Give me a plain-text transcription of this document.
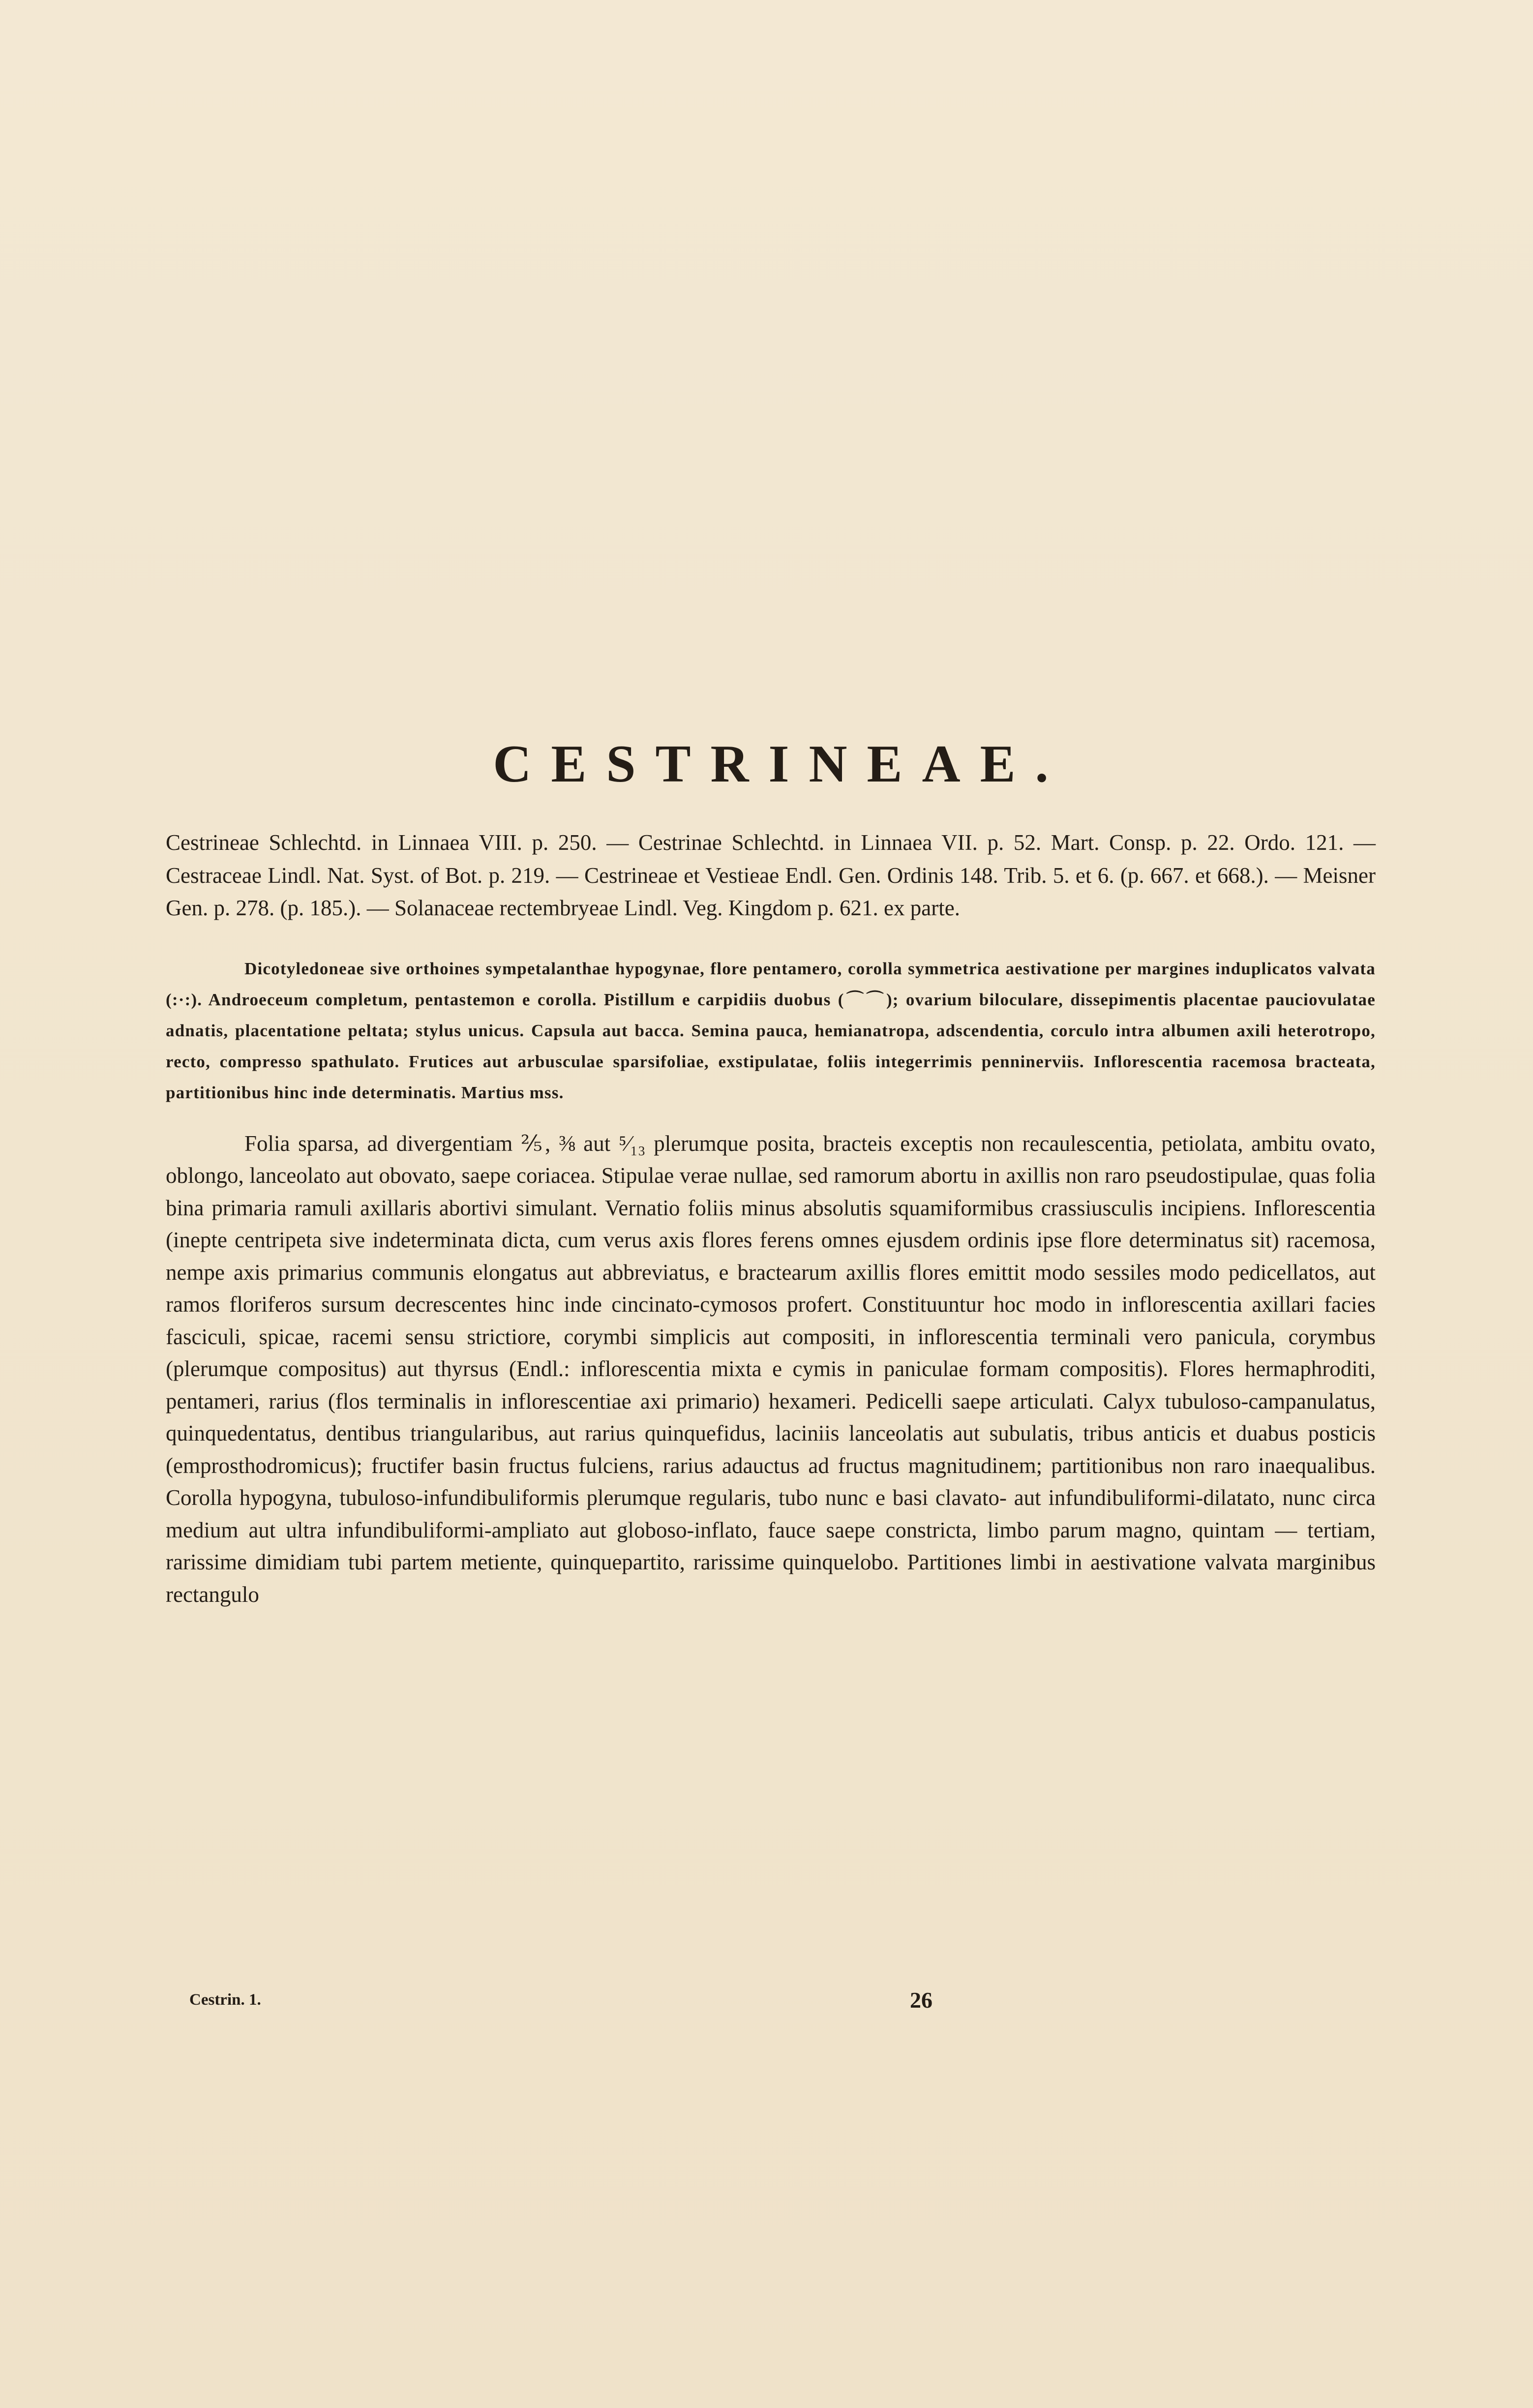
CESTRINEAE.

Cestrineae Schlechtd. in Linnaea VIII. p. 250. — Cestrinae Schlechtd. in Linnaea VII. p. 52. Mart. Consp. p. 22. Ordo. 121. — Cestraceae Lindl. Nat. Syst. of Bot. p. 219. — Cestrineae et Vestieae Endl. Gen. Ordinis 148. Trib. 5. et 6. (p. 667. et 668.). — Meisner Gen. p. 278. (p. 185.). — Solanaceae rectembryeae Lindl. Veg. Kingdom p. 621. ex parte.

Dicotyledoneae sive orthoines sympetalanthae hypogynae, flore pentamero, corolla symmetrica aestivatione per margines induplicatos valvata (:·:). Androeceum completum, pentastemon e corolla. Pistillum e carpidiis duobus (⌒⌒); ovarium biloculare, dissepimentis placentae pauciovulatae adnatis, placentatione peltata; stylus unicus. Capsula aut bacca. Semina pauca, hemianatropa, adscendentia, corculo intra albumen axili heterotropo, recto, compresso spathulato. Frutices aut arbusculae sparsifoliae, exstipulatae, foliis integerrimis penninerviis. Inflorescentia racemosa bracteata, partitionibus hinc inde determinatis. Martius mss.

Folia sparsa, ad divergentiam ⅖, ⅜ aut ⁵⁄₁₃ plerumque posita, bracteis exceptis non recaulescentia, petiolata, ambitu ovato, oblongo, lanceolato aut obovato, saepe coriacea. Stipulae verae nullae, sed ramorum abortu in axillis non raro pseudostipulae, quas folia bina primaria ramuli axillaris abortivi simulant. Vernatio foliis minus absolutis squamiformibus crassiusculis incipiens. Inflorescentia (inepte centripeta sive indeterminata dicta, cum verus axis flores ferens omnes ejusdem ordinis ipse flore determinatus sit) racemosa, nempe axis primarius communis elongatus aut abbreviatus, e bractearum axillis flores emittit modo sessiles modo pedicellatos, aut ramos floriferos sursum decrescentes hinc inde cincinato-cymosos profert. Constituuntur hoc modo in inflorescentia axillari facies fasciculi, spicae, racemi sensu strictiore, corymbi simplicis aut compositi, in inflorescentia terminali vero panicula, corymbus (plerumque compositus) aut thyrsus (Endl.: inflorescentia mixta e cymis in paniculae formam compositis). Flores hermaphroditi, pentameri, rarius (flos terminalis in inflorescentiae axi primario) hexameri. Pedicelli saepe articulati. Calyx tubuloso-campanulatus, quinquedentatus, dentibus triangularibus, aut rarius quinquefidus, laciniis lanceolatis aut subulatis, tribus anticis et duabus posticis (emprosthodromicus); fructifer basin fructus fulciens, rarius adauctus ad fructus magnitudinem; partitionibus non raro inaequalibus. Corolla hypogyna, tubuloso-infundibuliformis plerumque regularis, tubo nunc e basi clavato- aut infundibuliformi-dilatato, nunc circa medium aut ultra infundibuliformi-ampliato aut globoso-inflato, fauce saepe constricta, limbo parum magno, quintam — tertiam, rarissime dimidiam tubi partem metiente, quinquepartito, rarissime quinquelobo. Partitiones limbi in aestivatione valvata marginibus rectangulo

Cestrin. 1.	26
